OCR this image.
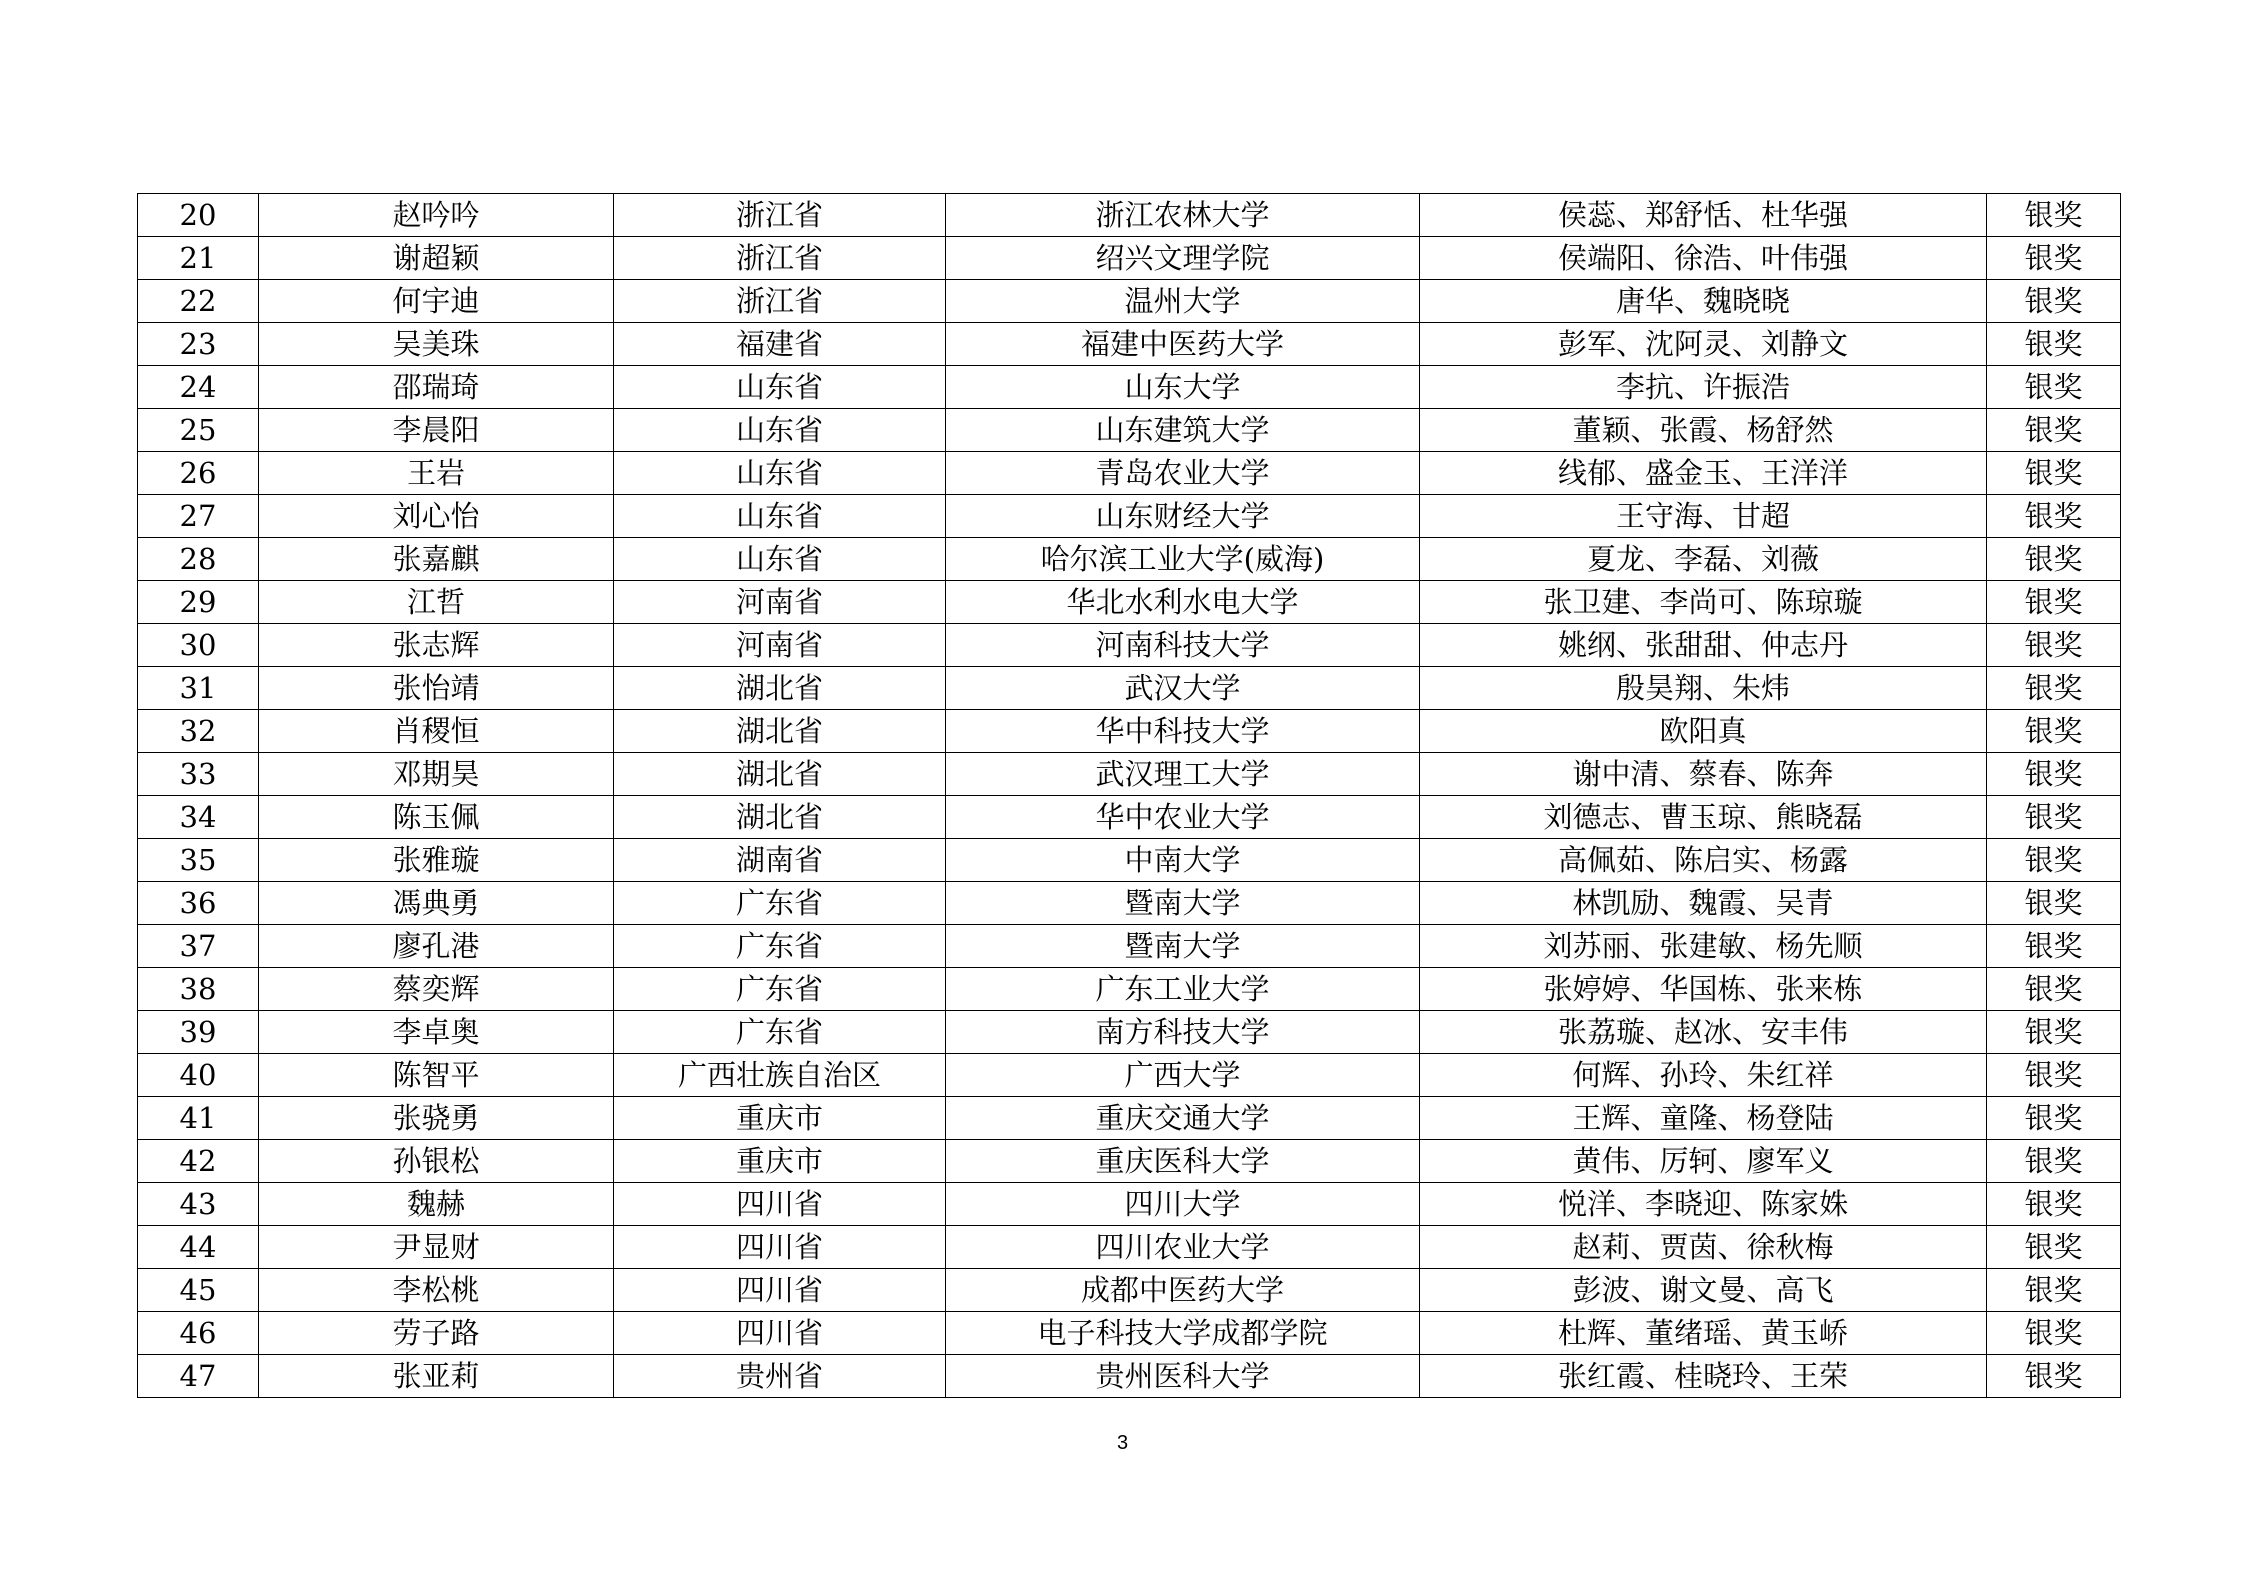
20	赵吟吟	浙江省	浙江农林大学	侯蕊、郑舒恬、杜华强	银奖
21	谢超颖	浙江省	绍兴文理学院	侯端阳、徐浩、叶伟强	银奖
22	何宇迪	浙江省	温州大学	唐华、魏晓晓	银奖
23	吴美珠	福建省	福建中医药大学	彭军、沈阿灵、刘静文	银奖
24	邵瑞琦	山东省	山东大学	李抗、许振浩	银奖
25	李晨阳	山东省	山东建筑大学	董颖、张霞、杨舒然	银奖
26	王岩	山东省	青岛农业大学	线郁、盛金玉、王洋洋	银奖
27	刘心怡	山东省	山东财经大学	王守海、甘超	银奖
28	张嘉麒	山东省	哈尔滨工业大学(威海)	夏龙、李磊、刘薇	银奖
29	江哲	河南省	华北水利水电大学	张卫建、李尚可、陈琼璇	银奖
30	张志辉	河南省	河南科技大学	姚纲、张甜甜、仲志丹	银奖
31	张怡靖	湖北省	武汉大学	殷昊翔、朱炜	银奖
32	肖稷恒	湖北省	华中科技大学	欧阳真	银奖
33	邓期昊	湖北省	武汉理工大学	谢中清、蔡春、陈奔	银奖
34	陈玉佩	湖北省	华中农业大学	刘德志、曹玉琼、熊晓磊	银奖
35	张雅璇	湖南省	中南大学	高佩茹、陈启实、杨露	银奖
36	馮典勇	广东省	暨南大学	林凯励、魏霞、吴青	银奖
37	廖孔港	广东省	暨南大学	刘苏丽、张建敏、杨先顺	银奖
38	蔡奕辉	广东省	广东工业大学	张婷婷、华国栋、张来栋	银奖
39	李卓奥	广东省	南方科技大学	张荔璇、赵冰、安丰伟	银奖
40	陈智平	广西壮族自治区	广西大学	何辉、孙玲、朱红祥	银奖
41	张骁勇	重庆市	重庆交通大学	王辉、童隆、杨登陆	银奖
42	孙银松	重庆市	重庆医科大学	黄伟、厉轲、廖军义	银奖
43	魏赫	四川省	四川大学	悦洋、李晓迎、陈家姝	银奖
44	尹显财	四川省	四川农业大学	赵莉、贾茵、徐秋梅	银奖
45	李松桃	四川省	成都中医药大学	彭波、谢文曼、高飞	银奖
46	劳子路	四川省	电子科技大学成都学院	杜辉、董绪瑶、黄玉峤	银奖
47	张亚莉	贵州省	贵州医科大学	张红霞、桂晓玲、王荣	银奖
3
